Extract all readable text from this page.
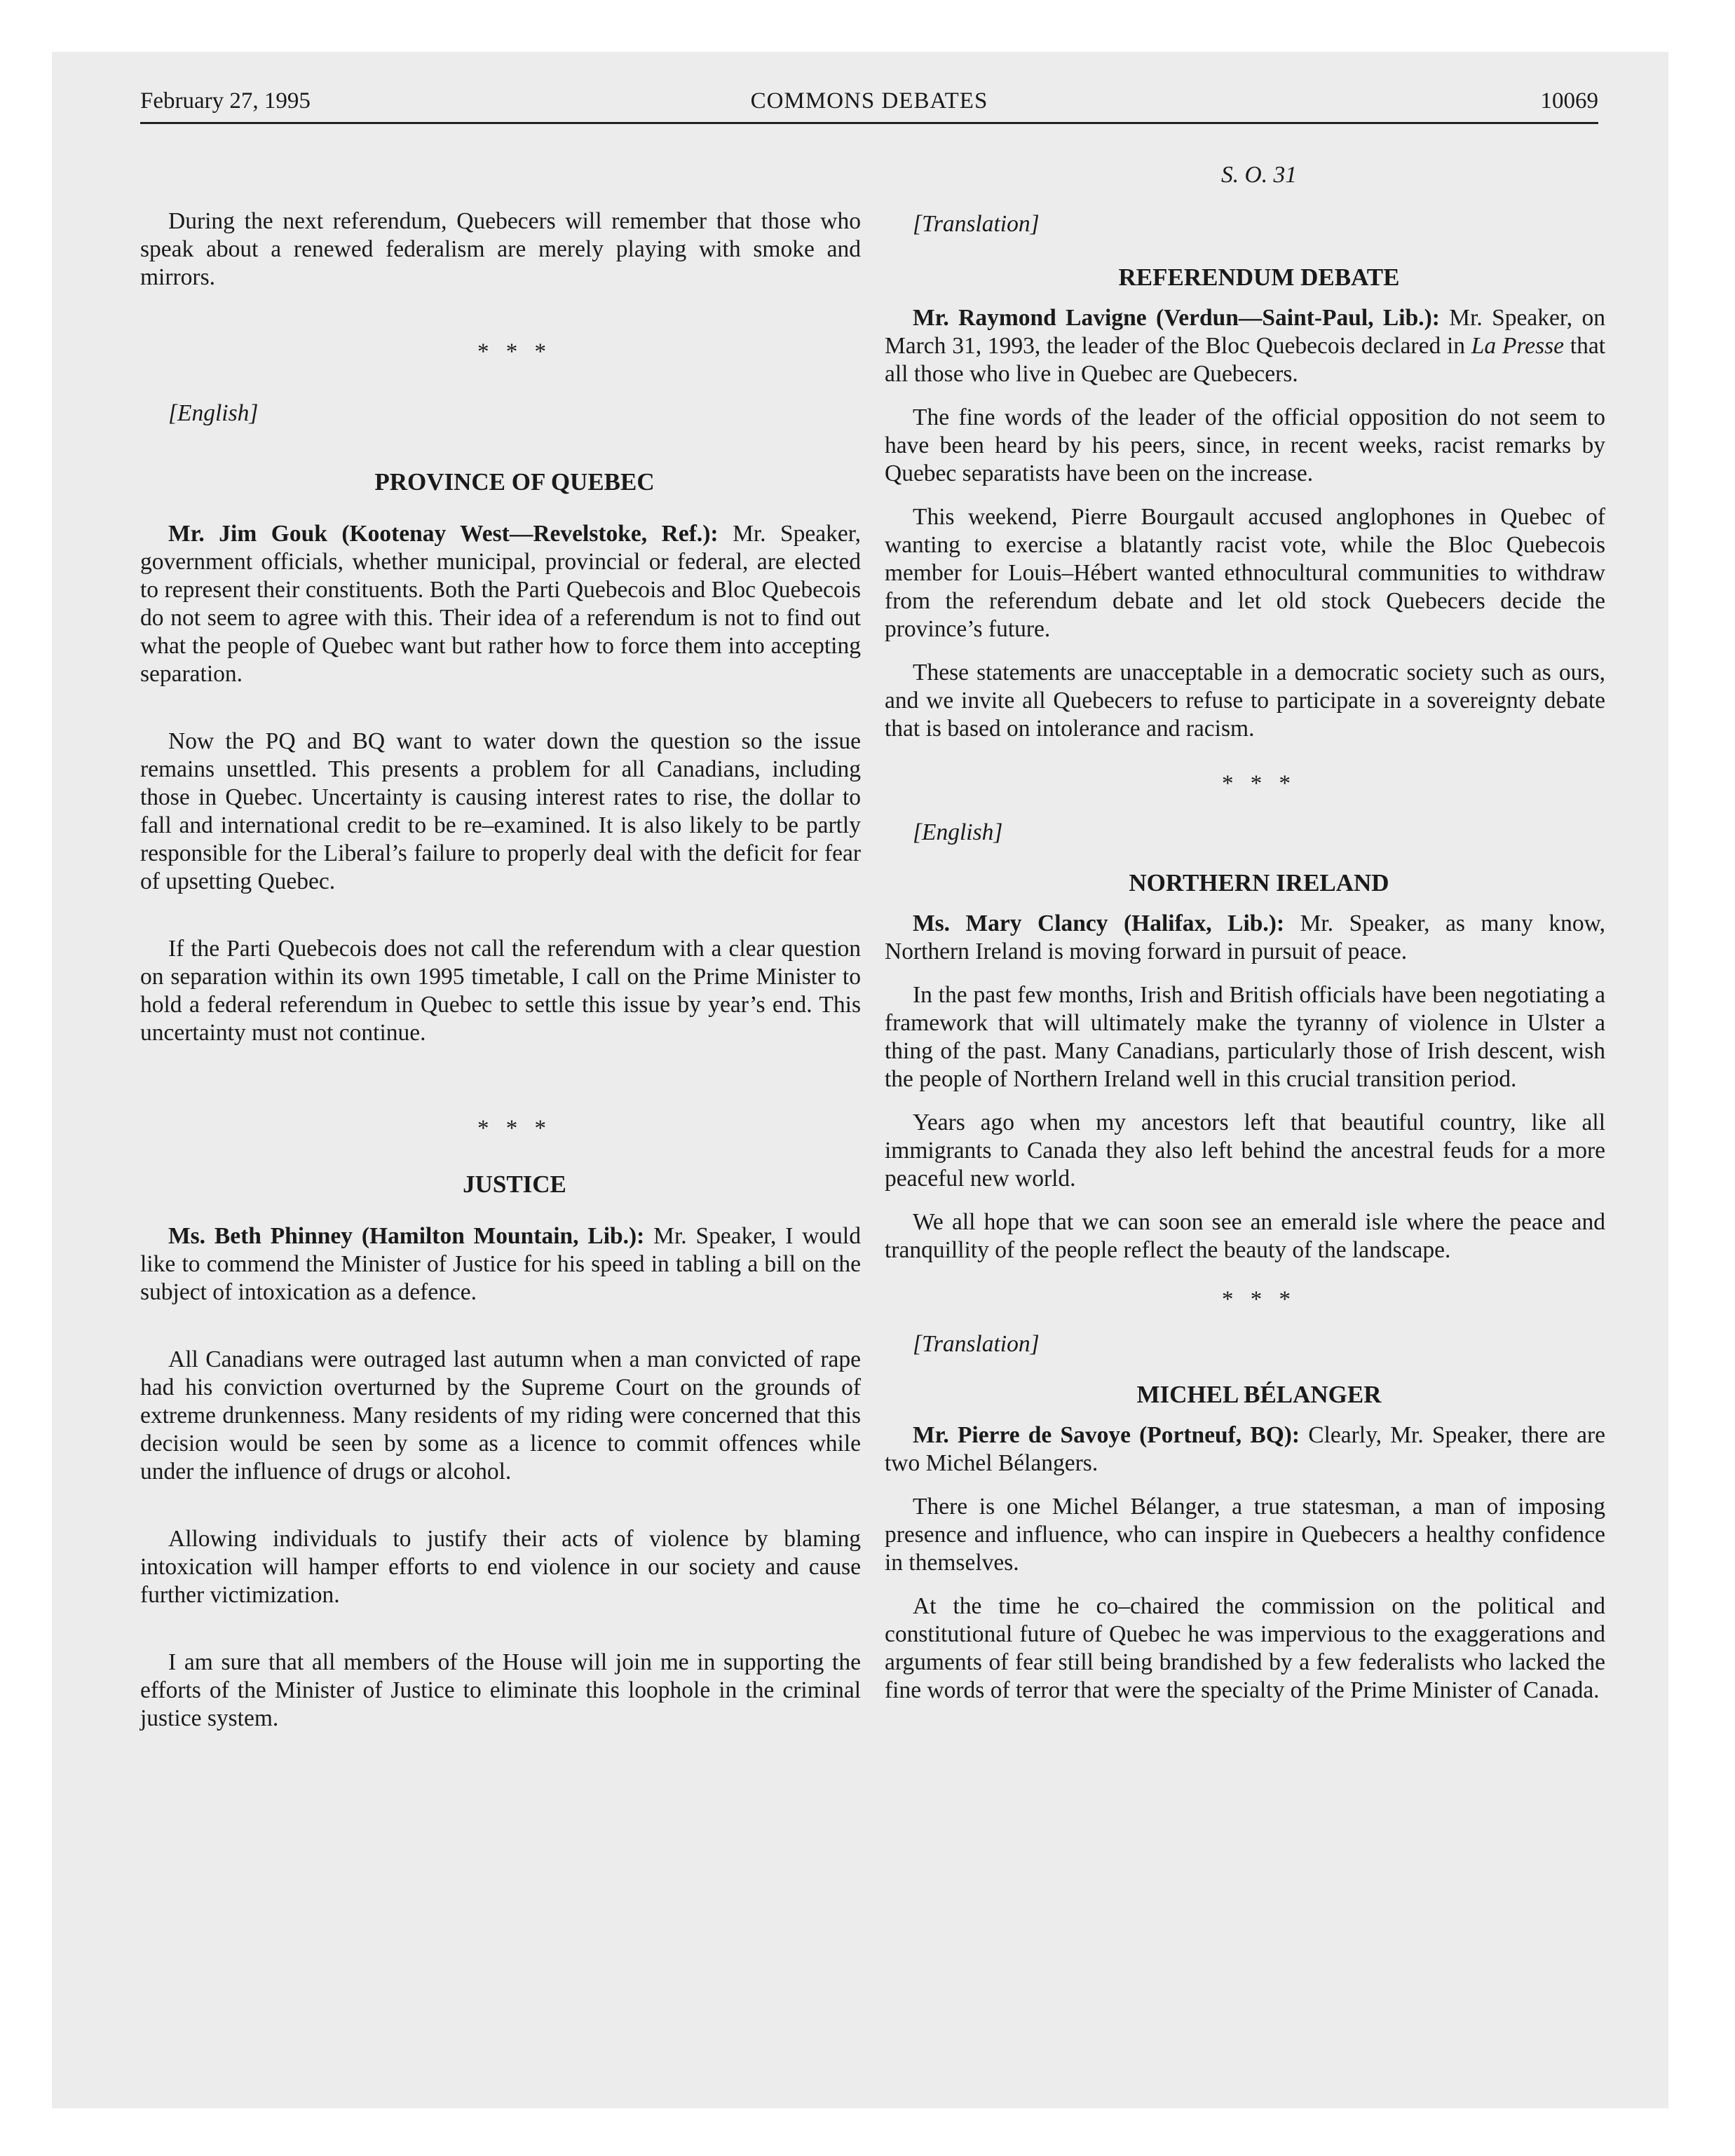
February 27, 1995	COMMONS DEBATES	10069

During the next referendum, Quebecers will remember that those who speak about a renewed federalism are merely playing with smoke and mirrors.

* * *

[English]

PROVINCE OF QUEBEC

Mr. Jim Gouk (Kootenay West—Revelstoke, Ref.): Mr. Speaker, government officials, whether municipal, provincial or federal, are elected to represent their constituents. Both the Parti Quebecois and Bloc Quebecois do not seem to agree with this. Their idea of a referendum is not to find out what the people of Quebec want but rather how to force them into accepting separation.

Now the PQ and BQ want to water down the question so the issue remains unsettled. This presents a problem for all Canadians, including those in Quebec. Uncertainty is causing interest rates to rise, the dollar to fall and international credit to be re–examined. It is also likely to be partly responsible for the Liberal’s failure to properly deal with the deficit for fear of upsetting Quebec.

If the Parti Quebecois does not call the referendum with a clear question on separation within its own 1995 timetable, I call on the Prime Minister to hold a federal referendum in Quebec to settle this issue by year’s end. This uncertainty must not continue.

* * *

JUSTICE

Ms. Beth Phinney (Hamilton Mountain, Lib.): Mr. Speaker, I would like to commend the Minister of Justice for his speed in tabling a bill on the subject of intoxication as a defence.

All Canadians were outraged last autumn when a man convicted of rape had his conviction overturned by the Supreme Court on the grounds of extreme drunkenness. Many residents of my riding were concerned that this decision would be seen by some as a licence to commit offences while under the influence of drugs or alcohol.

Allowing individuals to justify their acts of violence by blaming intoxication will hamper efforts to end violence in our society and cause further victimization.

I am sure that all members of the House will join me in supporting the efforts of the Minister of Justice to eliminate this loophole in the criminal justice system.

S. O. 31

[Translation]

REFERENDUM DEBATE

Mr. Raymond Lavigne (Verdun—Saint-Paul, Lib.): Mr. Speaker, on March 31, 1993, the leader of the Bloc Quebecois declared in La Presse that all those who live in Quebec are Quebecers.

The fine words of the leader of the official opposition do not seem to have been heard by his peers, since, in recent weeks, racist remarks by Quebec separatists have been on the increase.

This weekend, Pierre Bourgault accused anglophones in Quebec of wanting to exercise a blatantly racist vote, while the Bloc Quebecois member for Louis–Hébert wanted ethnocultural communities to withdraw from the referendum debate and let old stock Quebecers decide the province’s future.

These statements are unacceptable in a democratic society such as ours, and we invite all Quebecers to refuse to participate in a sovereignty debate that is based on intolerance and racism.

* * *

[English]

NORTHERN IRELAND

Ms. Mary Clancy (Halifax, Lib.): Mr. Speaker, as many know, Northern Ireland is moving forward in pursuit of peace.

In the past few months, Irish and British officials have been negotiating a framework that will ultimately make the tyranny of violence in Ulster a thing of the past. Many Canadians, particularly those of Irish descent, wish the people of Northern Ireland well in this crucial transition period.

Years ago when my ancestors left that beautiful country, like all immigrants to Canada they also left behind the ancestral feuds for a more peaceful new world.

We all hope that we can soon see an emerald isle where the peace and tranquillity of the people reflect the beauty of the landscape.

* * *

[Translation]

MICHEL BÉLANGER

Mr. Pierre de Savoye (Portneuf, BQ): Clearly, Mr. Speaker, there are two Michel Bélangers.

There is one Michel Bélanger, a true statesman, a man of imposing presence and influence, who can inspire in Quebecers a healthy confidence in themselves.

At the time he co–chaired the commission on the political and constitutional future of Quebec he was impervious to the exaggerations and arguments of fear still being brandished by a few federalists who lacked the fine words of terror that were the specialty of the Prime Minister of Canada.
